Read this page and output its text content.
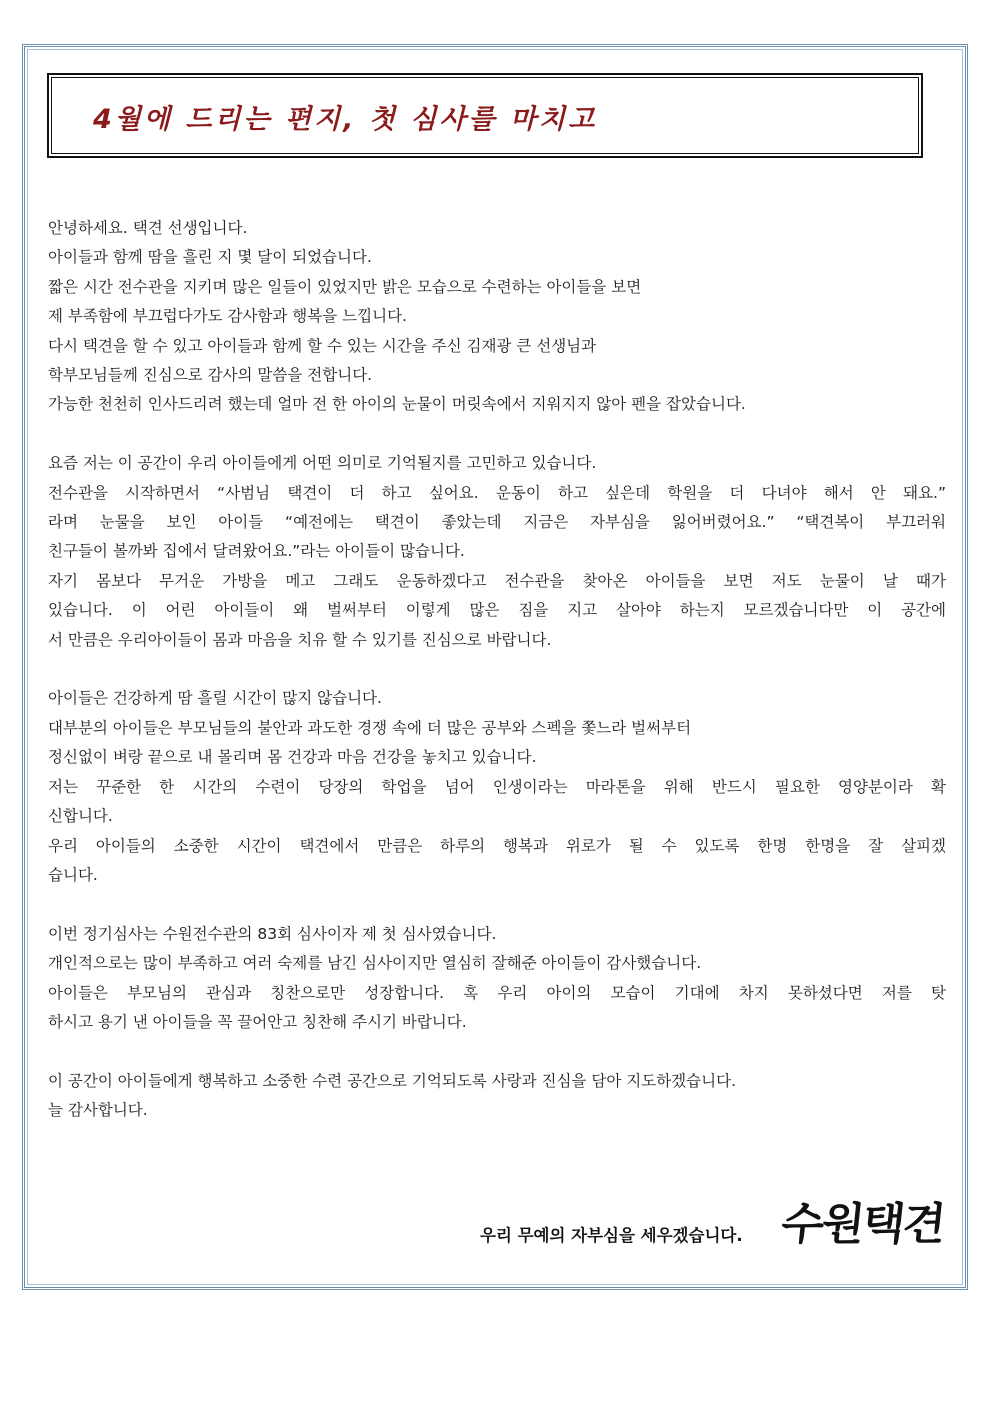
4월에 드리는 편지, 첫 심사를 마치고
안녕하세요. 택견 선생입니다.
아이들과 함께 땀을 흘린 지 몇 달이 되었습니다.
짧은 시간 전수관을 지키며 많은 일들이 있었지만 밝은 모습으로 수련하는 아이들을 보면
제 부족함에 부끄럽다가도 감사함과 행복을 느낍니다.
다시 택견을 할 수 있고 아이들과 함께 할 수 있는 시간을 주신 김재광 큰 선생님과
학부모님들께 진심으로 감사의 말씀을 전합니다.
가능한 천천히 인사드리려 했는데 얼마 전 한 아이의 눈물이 머릿속에서 지워지지 않아 펜을 잡았습니다.
요즘 저는 이 공간이 우리 아이들에게 어떤 의미로 기억될지를 고민하고 있습니다.
전수관을 시작하면서 “사범님 택견이 더 하고 싶어요. 운동이 하고 싶은데 학원을 더 다녀야 해서 안 돼요.”
라며 눈물을 보인 아이들 “예전에는 택견이 좋았는데 지금은 자부심을 잃어버렸어요.” “택견복이 부끄러워
친구들이 볼까봐 집에서 달려왔어요.”라는 아이들이 많습니다.
자기 몸보다 무거운 가방을 메고 그래도 운동하겠다고 전수관을 찾아온 아이들을 보면 저도 눈물이 날 때가
있습니다. 이 어린 아이들이 왜 벌써부터 이렇게 많은 짐을 지고 살아야 하는지 모르겠습니다만 이 공간에
서 만큼은 우리아이들이 몸과 마음을 치유 할 수 있기를 진심으로 바랍니다.
아이들은 건강하게 땀 흘릴 시간이 많지 않습니다.
대부분의 아이들은 부모님들의 불안과 과도한 경쟁 속에 더 많은 공부와 스펙을 쫓느라 벌써부터
정신없이 벼랑 끝으로 내 몰리며 몸 건강과 마음 건강을 놓치고 있습니다.
저는 꾸준한 한 시간의 수련이 당장의 학업을 넘어 인생이라는 마라톤을 위해 반드시 필요한 영양분이라 확
신합니다.
우리 아이들의 소중한 시간이 택견에서 만큼은 하루의 행복과 위로가 될 수 있도록 한명 한명을 잘 살피겠
습니다.
이번 정기심사는 수원전수관의 83회 심사이자 제 첫 심사였습니다.
개인적으로는 많이 부족하고 여러 숙제를 남긴 심사이지만 열심히 잘해준 아이들이 감사했습니다.
아이들은 부모님의 관심과 칭찬으로만 성장합니다. 혹 우리 아이의 모습이 기대에 차지 못하셨다면 저를 탓
하시고 용기 낸 아이들을 꼭 끌어안고 칭찬해 주시기 바랍니다.
이 공간이 아이들에게 행복하고 소중한 수련 공간으로 기억되도록 사랑과 진심을 담아 지도하겠습니다.
늘 감사합니다.
우리 무예의 자부심을 세우겠습니다. 수원택견
